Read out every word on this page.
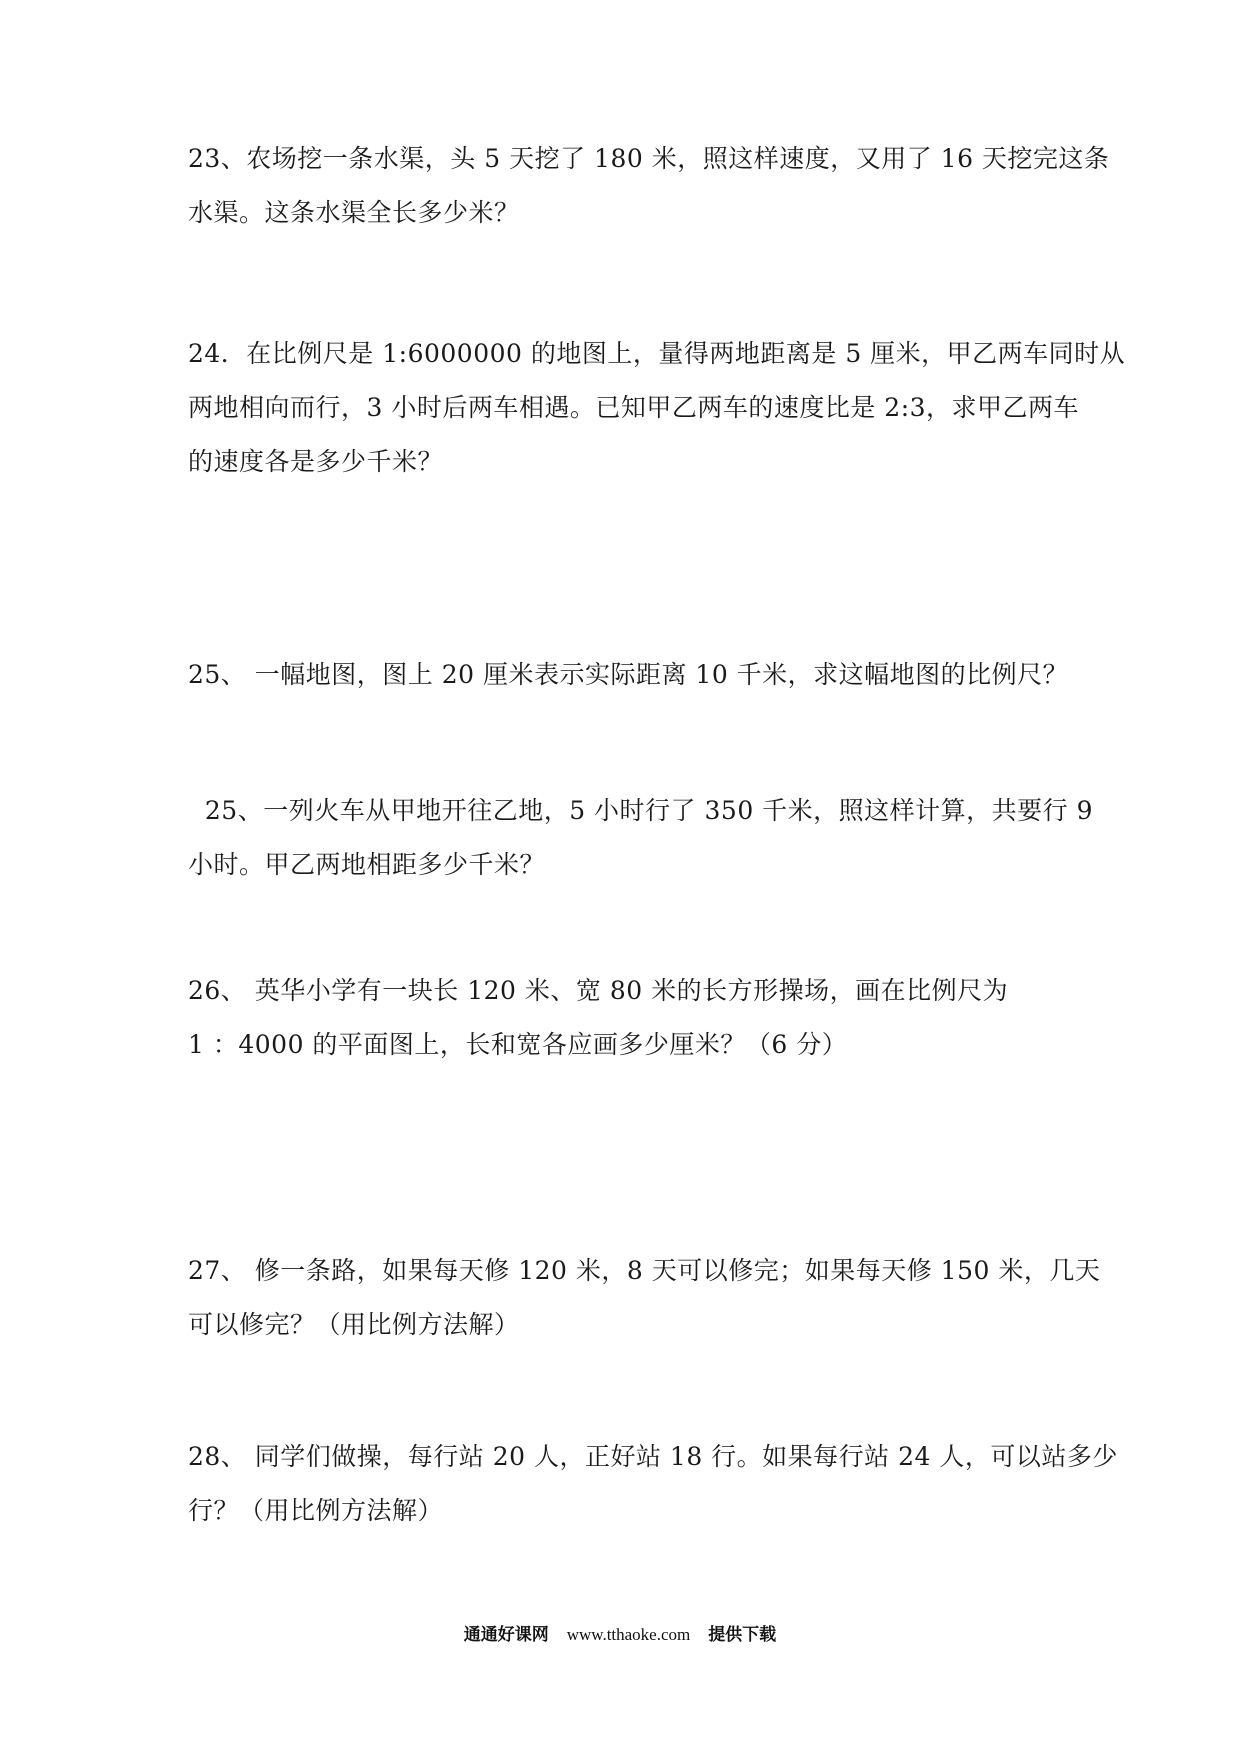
23、农场挖一条水渠，头 5 天挖了 180 米，照这样速度，又用了 16 天挖完这条
水渠。这条水渠全长多少米？
24．在比例尺是 1:6000000 的地图上，量得两地距离是 5 厘米，甲乙两车同时从
两地相向而行，3 小时后两车相遇。已知甲乙两车的速度比是 2:3，求甲乙两车
的速度各是多少千米？
25、 一幅地图，图上 20 厘米表示实际距离 10 千米，求这幅地图的比例尺？
25、一列火车从甲地开往乙地，5 小时行了 350 千米，照这样计算，共要行 9
小时。甲乙两地相距多少千米？
26、 英华小学有一块长 120 米、宽 80 米的长方形操场，画在比例尺为
1 ：4000 的平面图上，长和宽各应画多少厘米？（6 分）
27、 修一条路，如果每天修 120 米，8 天可以修完；如果每天修 150 米，几天
可以修完？（用比例方法解）
28、 同学们做操，每行站 20 人，正好站 18 行。如果每行站 24 人，可以站多少
行？（用比例方法解）
通通好课网 www.tthaoke.com 提供下载
